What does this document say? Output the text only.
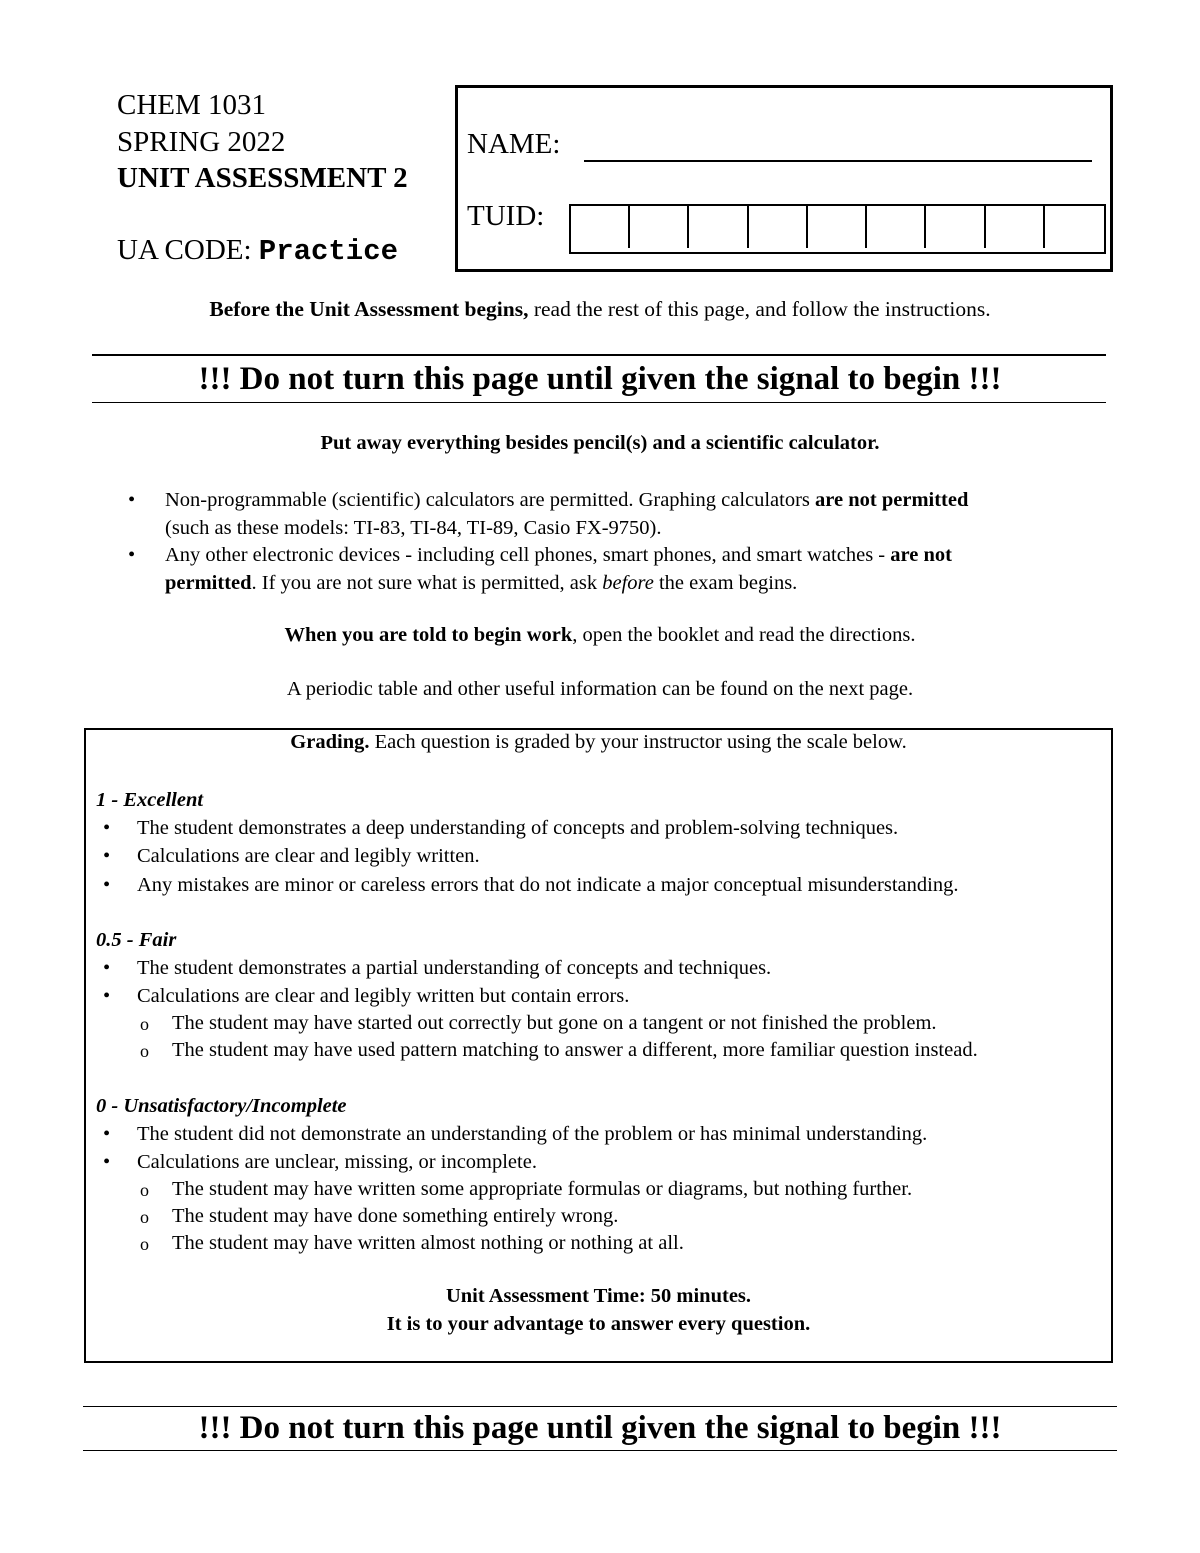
CHEM 1031
SPRING 2022
UNIT ASSESSMENT 2
UA CODE: Practice
NAME:
TUID:
Before the Unit Assessment begins, read the rest of this page, and follow the instructions.
!!! Do not turn this page until given the signal to begin !!!
Put away everything besides pencil(s) and a scientific calculator.
• Non-programmable (scientific) calculators are permitted. Graphing calculators are not permitted
(such as these models: TI-83, TI-84, TI-89, Casio FX-9750).
• Any other electronic devices - including cell phones, smart phones, and smart watches - are not
permitted. If you are not sure what is permitted, ask before the exam begins.
When you are told to begin work, open the booklet and read the directions.
A periodic table and other useful information can be found on the next page.
Grading. Each question is graded by your instructor using the scale below.
1 - Excellent
• The student demonstrates a deep understanding of concepts and problem-solving techniques.
• Calculations are clear and legibly written.
• Any mistakes are minor or careless errors that do not indicate a major conceptual misunderstanding.
0.5 - Fair
• The student demonstrates a partial understanding of concepts and techniques.
• Calculations are clear and legibly written but contain errors.
o The student may have started out correctly but gone on a tangent or not finished the problem.
o The student may have used pattern matching to answer a different, more familiar question instead.
0 - Unsatisfactory/Incomplete
• The student did not demonstrate an understanding of the problem or has minimal understanding.
• Calculations are unclear, missing, or incomplete.
o The student may have written some appropriate formulas or diagrams, but nothing further.
o The student may have done something entirely wrong.
o The student may have written almost nothing or nothing at all.
Unit Assessment Time: 50 minutes.
It is to your advantage to answer every question.
!!! Do not turn this page until given the signal to begin !!!
